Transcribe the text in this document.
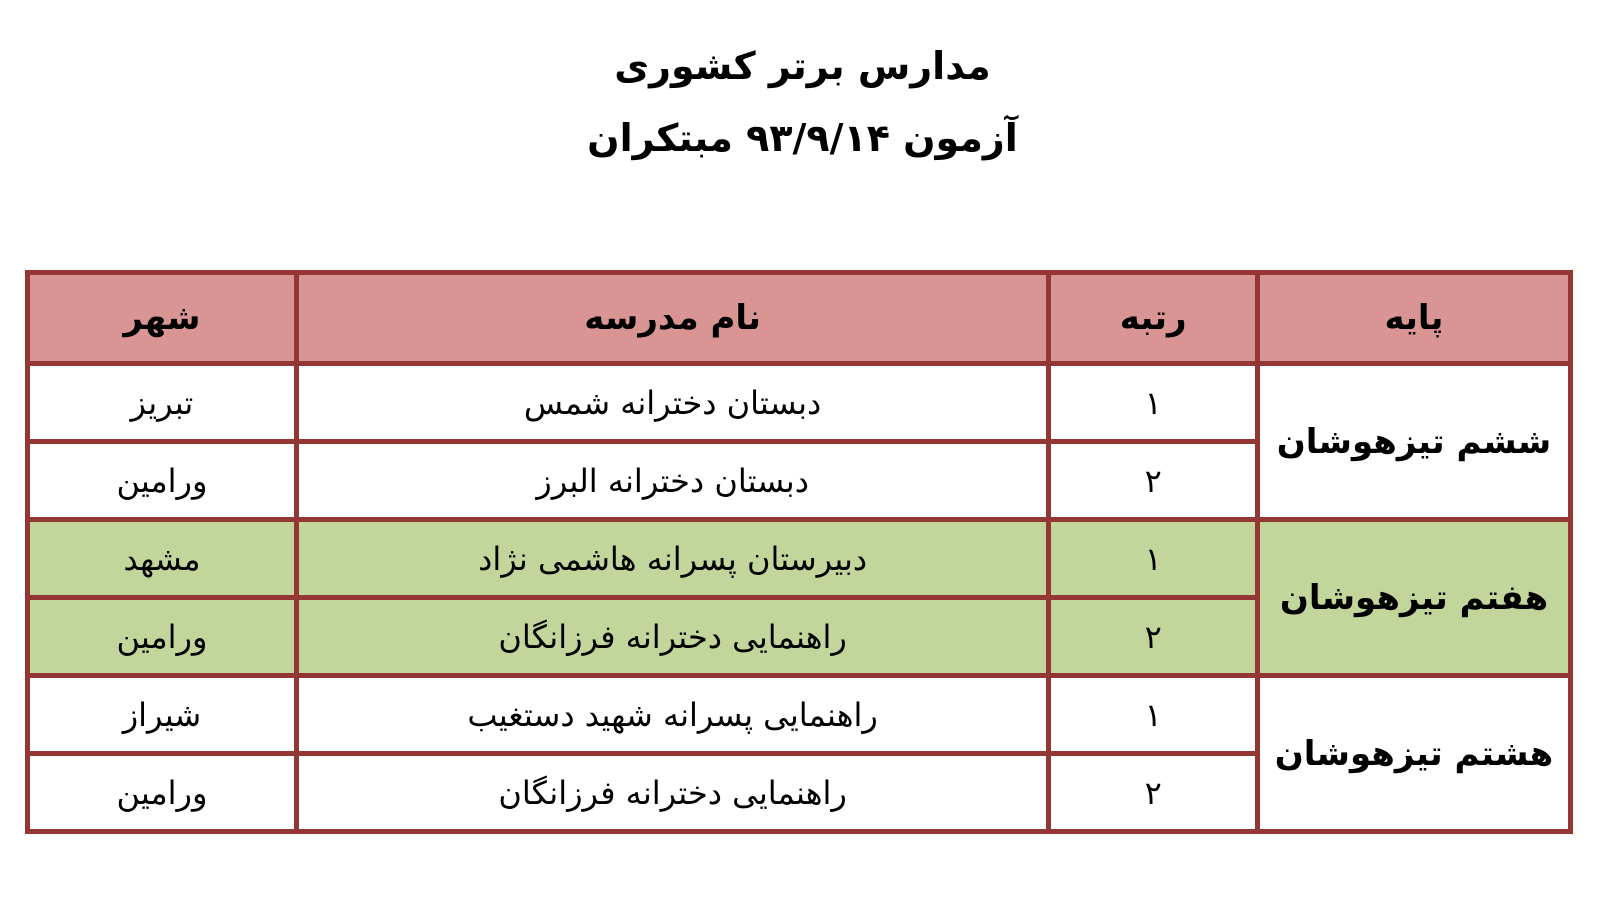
مدارس برتر کشوری
آزمون ۹۳/۹/۱۴ مبتکران
پایه	رتبه	نام مدرسه	شهر
ششم تیزهوشان	۱	دبستان دخترانه شمس	تبریز
	۲	دبستان دخترانه البرز	ورامین
هفتم تیزهوشان	۱	دبیرستان پسرانه هاشمی نژاد	مشهد
	۲	راهنمایی دخترانه فرزانگان	ورامین
هشتم تیزهوشان	۱	راهنمایی پسرانه شهید دستغیب	شیراز
	۲	راهنمایی دخترانه فرزانگان	ورامین
